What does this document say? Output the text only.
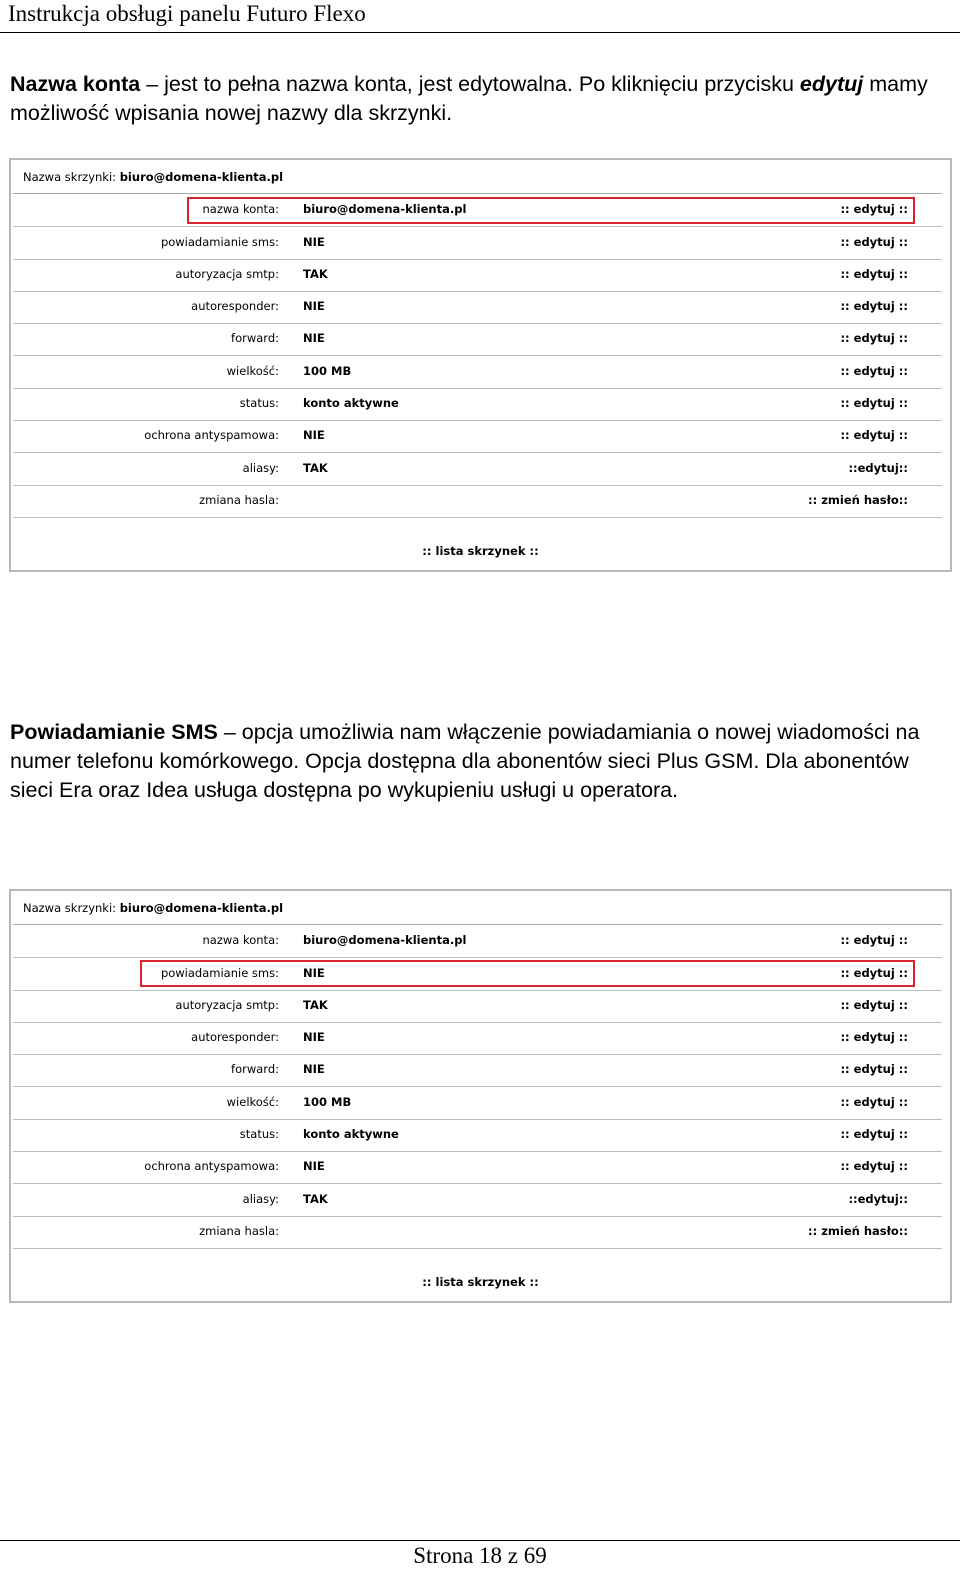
Instrukcja obsługi panelu Futuro Flexo

Nazwa konta – jest to pełna nazwa konta, jest edytowalna. Po kliknięciu przycisku edytuj mamy możliwość wpisania nowej nazwy dla skrzynki.

Nazwa skrzynki: biuro@domena-klienta.pl
nazwa konta: biuro@domena-klienta.pl	:: edytuj ::
powiadamianie sms: NIE	:: edytuj ::
autoryzacja smtp: TAK	:: edytuj ::
autoresponder: NIE	:: edytuj ::
forward: NIE	:: edytuj ::
wielkość: 100 MB	:: edytuj ::
status: konto aktywne	:: edytuj ::
ochrona antyspamowa: NIE	:: edytuj ::
aliasy: TAK	::edytuj::
zmiana hasla:	:: zmień hasło::
:: lista skrzynek ::

Powiadamianie SMS – opcja umożliwia nam włączenie powiadamiania o nowej wiadomości na numer telefonu komórkowego. Opcja dostępna dla abonentów sieci Plus GSM. Dla abonentów sieci Era oraz Idea usługa dostępna po wykupieniu usługi u operatora.

Nazwa skrzynki: biuro@domena-klienta.pl
nazwa konta: biuro@domena-klienta.pl	:: edytuj ::
powiadamianie sms: NIE	:: edytuj ::
autoryzacja smtp: TAK	:: edytuj ::
autoresponder: NIE	:: edytuj ::
forward: NIE	:: edytuj ::
wielkość: 100 MB	:: edytuj ::
status: konto aktywne	:: edytuj ::
ochrona antyspamowa: NIE	:: edytuj ::
aliasy: TAK	::edytuj::
zmiana hasla:	:: zmień hasło::
:: lista skrzynek ::
Strona 18 z 69
